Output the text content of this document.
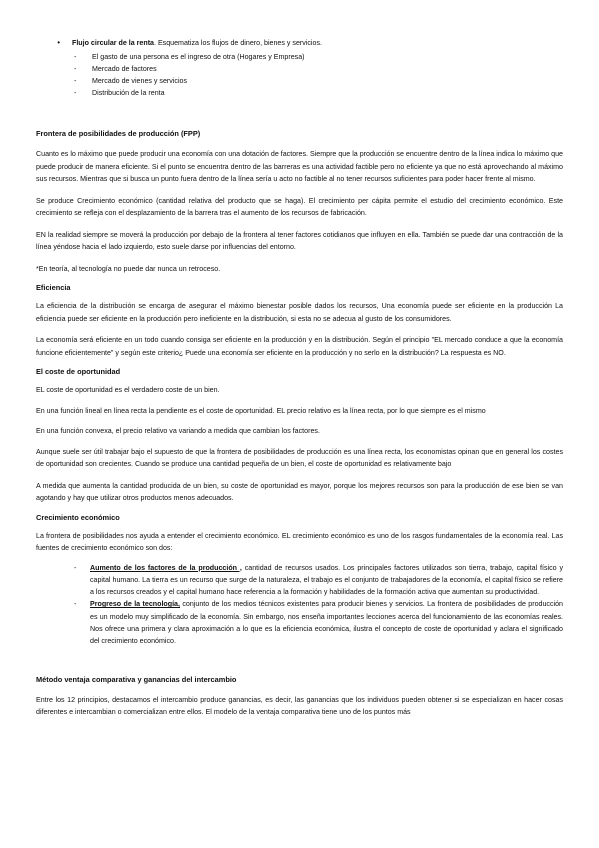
•	Flujo circular de la renta. Esquematiza los flujos de dinero, bienes y servicios.
-	El gasto de una persona es el ingreso de otra (Hogares y Empresa)
-	Mercado de factores
-	Mercado de vienes y servicios
-	Distribución de la renta
Frontera de posibilidades de producción (FPP)
Cuanto es lo máximo que puede producir una economía con una dotación de factores. Siempre que la producción se encuentre dentro de la línea indica lo máximo que puede producir de manera eficiente. Si el punto se encuentra dentro de las barreras es una actividad factible pero no eficiente ya que no está aprovechando al máximo sus recursos. Mientras que si busca un punto fuera dentro de la línea sería u acto no factible al no tener recursos suficientes para poder hacer frente al mismo.
Se produce Crecimiento económico (cantidad relativa del producto que se haga). El crecimiento per cápita permite el estudio del crecimiento económico. Este crecimiento se refleja con el desplazamiento de la barrera tras el aumento de los recursos de fabricación.
EN la realidad siempre se moverá la producción por debajo de la frontera al tener factores cotidianos que influyen en ella. También se puede dar una contracción de la línea yéndose hacia el lado izquierdo, esto suele darse por influencias del entorno.
*En teoría, al tecnología no puede dar nunca un retroceso.
Eficiencia
La eficiencia de la distribución se encarga de asegurar el máximo bienestar posible dados los recursos, Una economía puede ser eficiente en la producción La eficiencia puede ser eficiente en la producción pero ineficiente en la distribución, si esta no se adecua al gusto de los consumidores.
La economía será eficiente en un todo cuando consiga ser eficiente en la producción y en la distribución. Según el principio "EL mercado conduce a que la economía funcione eficientemente" y según este criterio¿ Puede una economía ser eficiente en la producción y no serlo en la distribución? La respuesta es NO.
El coste de oportunidad
EL coste de oportunidad es el verdadero coste de un bien.
En una función lineal en línea recta la pendiente es el coste de oportunidad. EL precio relativo es la línea recta, por lo que siempre es el mismo
En una función convexa, el precio relativo va variando a medida que cambian los factores.
Aunque suele ser útil trabajar bajo el supuesto de que la frontera de posibilidades de producción es una línea recta, los economistas opinan que en general los costes de oportunidad son crecientes. Cuando se produce una cantidad pequeña de un bien, el coste de oportunidad es relativamente bajo
A medida que aumenta la cantidad producida de un bien, su coste de oportunidad es mayor, porque los mejores recursos son para la producción de ese bien se van agotando y hay que utilizar otros productos menos adecuados.
Crecimiento económico
La frontera de posibilidades nos ayuda a entender el crecimiento económico. EL crecimiento económico es uno de los rasgos fundamentales de la economía real. Las fuentes de crecimiento económico son dos:
-	Aumento de los factores de la producción , cantidad de recursos usados. Los principales factores utilizados son tierra, trabajo, capital físico y capital humano. La tierra es un recurso que surge de la naturaleza, el trabajo es el conjunto de trabajadores de la economía, el capital físico se refiere a los recursos creados y el capital humano hace referencia a la formación y habilidades de la formación activa que aumentan su productividad.
-	Progreso de la tecnología, conjunto de los medios técnicos existentes para producir bienes y servicios. La frontera de posibilidades de producción es un modelo muy simplificado de la economía. Sin embargo, nos enseña importantes lecciones acerca del funcionamiento de las economías reales. Nos ofrece una primera y clara aproximación a lo que es la eficiencia económica, ilustra el concepto de coste de oportunidad y aclara el significado del crecimiento económico.
Método ventaja comparativa y ganancias del intercambio
Entre los 12 principios, destacamos el intercambio produce ganancias, es decir, las ganancias que los individuos pueden obtener si se especializan en hacer cosas diferentes e intercambian o comercializan entre ellos. El modelo de la ventaja comparativa tiene uno de los puntos más
